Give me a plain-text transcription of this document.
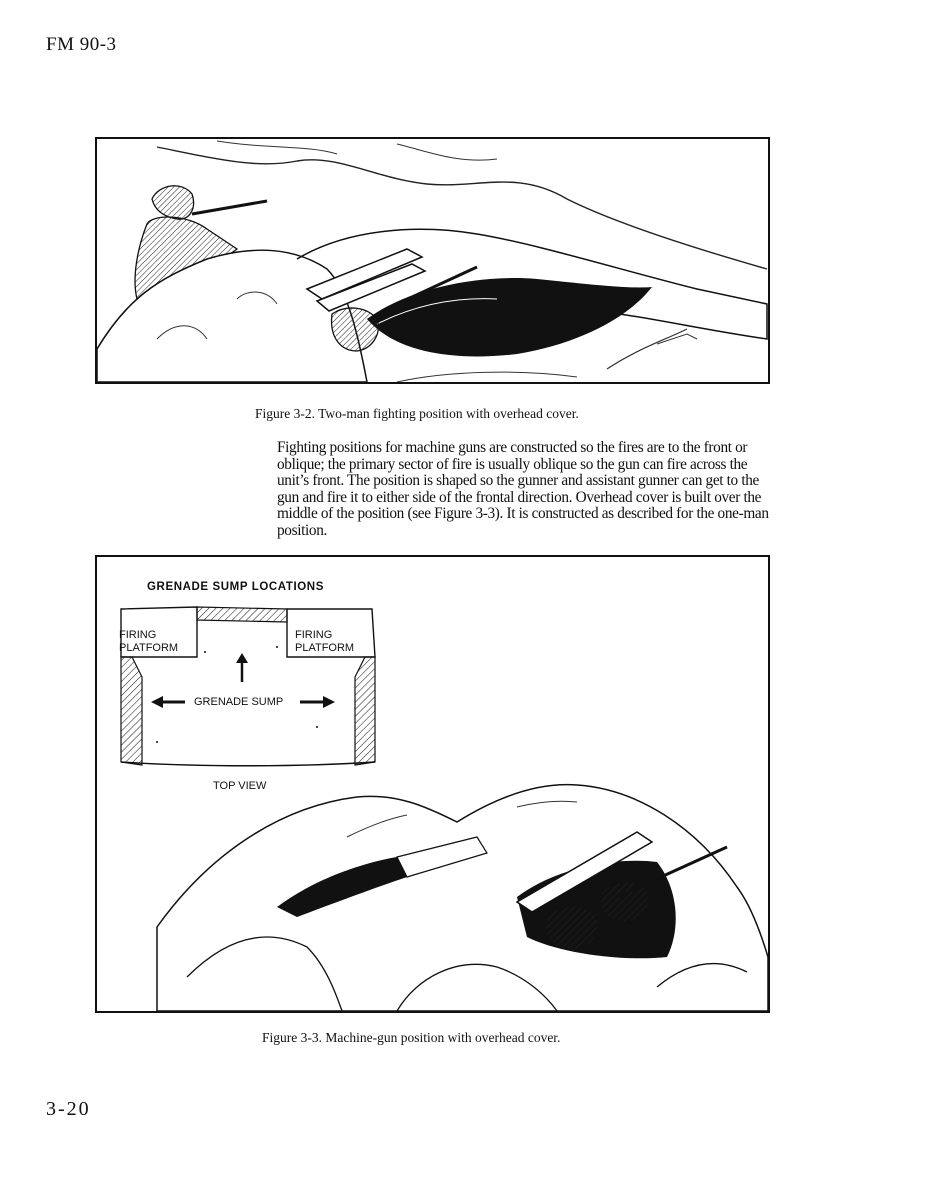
FM 90-3
Figure 3-2. Two-man fighting position with overhead cover.
Fighting positions for machine guns are constructed so the fires are to the front or oblique; the primary sector of fire is usually oblique so the gun can fire across the unit’s front. The position is shaped so the gunner and assistant gunner can get to the gun and fire it to either side of the frontal direction. Overhead cover is built over the middle of the position (see Figure 3-3). It is constructed as described for the one-man position.
GRENADE SUMP LOCATIONS
FIRING
PLATFORM
FIRING
PLATFORM
GRENADE SUMP
TOP VIEW
Figure 3-3. Machine-gun position with overhead cover.
3-20
